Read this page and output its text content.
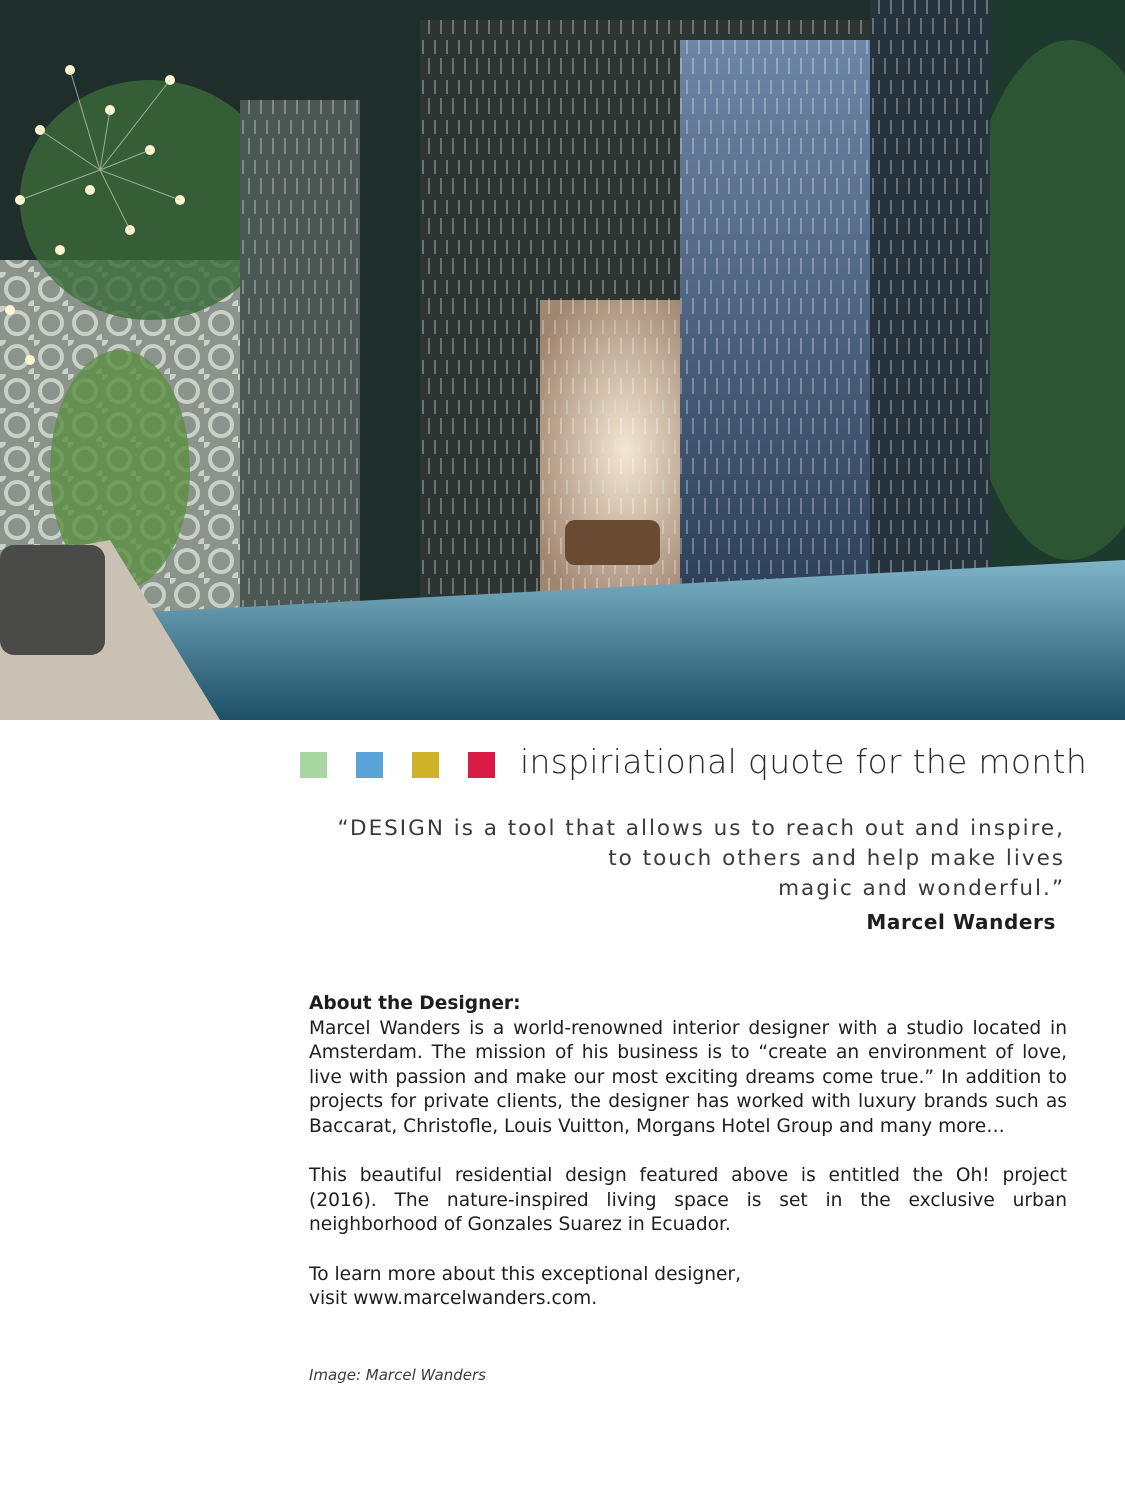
inspiriational quote for the month
“DESIGN is a tool that allows us to reach out and inspire,
to touch others and help make lives
magic and wonderful.”
Marcel Wanders
About the Designer:

Marcel Wanders is a world-renowned interior designer with a studio located in Amsterdam. The mission of his business is to “create an environment of love, live with passion and make our most exciting dreams come true.” In addition to projects for private clients, the designer has worked with luxury brands such as Baccarat, Christofle, Louis Vuitton, Morgans Hotel Group and many more…

This beautiful residential design featured above is entitled the Oh! project (2016). The nature-inspired living space is set in the exclusive urban neighborhood of Gonzales Suarez in Ecuador.

To learn more about this exceptional designer,
visit www.marcelwanders.com.

Image: Marcel Wanders
